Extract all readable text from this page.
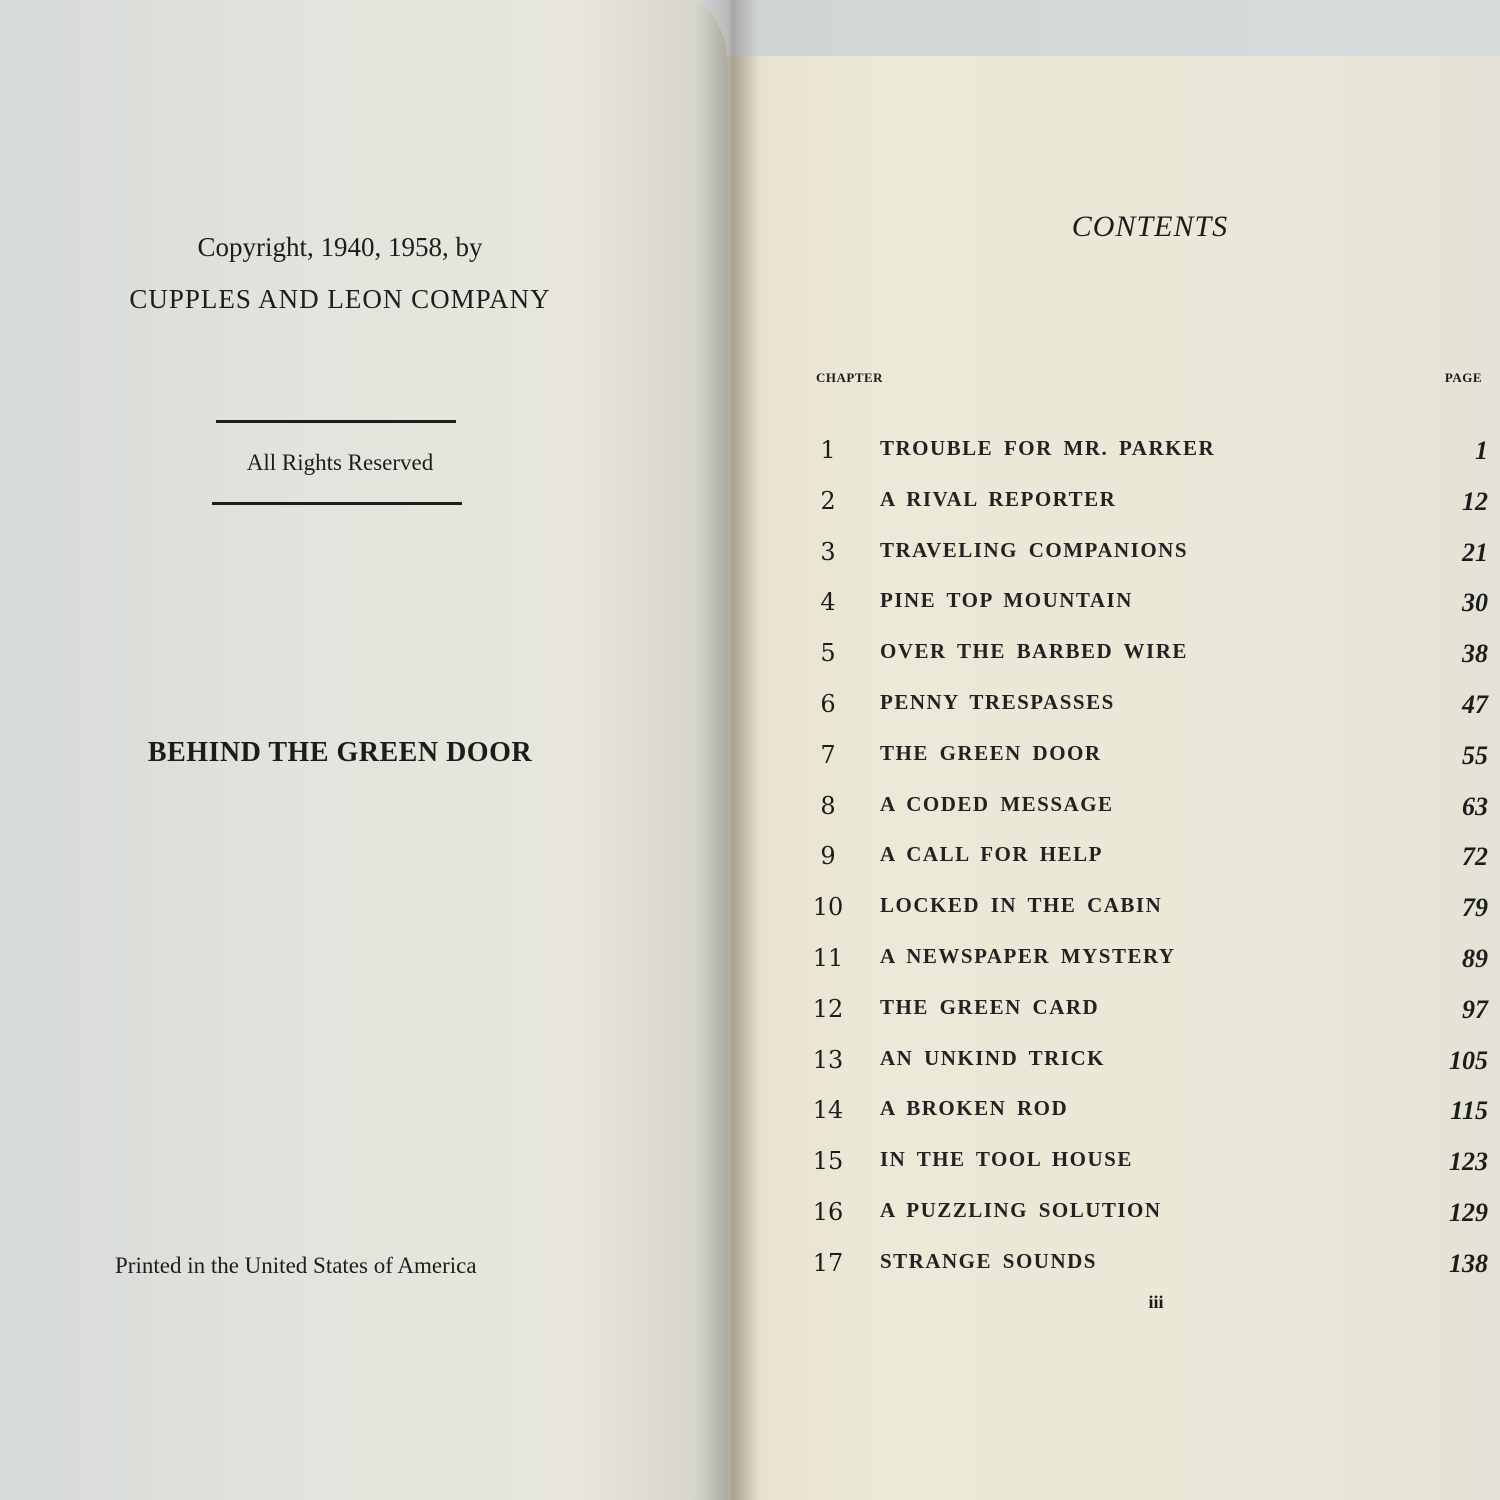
Copyright, 1940, 1958, by
CUPPLES AND LEON COMPANY
All Rights Reserved
BEHIND THE GREEN DOOR
Printed in the United States of America
CONTENTS
CHAPTER	PAGE
1	TROUBLE FOR MR. PARKER	1
2	A RIVAL REPORTER	12
3	TRAVELING COMPANIONS	21
4	PINE TOP MOUNTAIN	30
5	OVER THE BARBED WIRE	38
6	PENNY TRESPASSES	47
7	THE GREEN DOOR	55
8	A CODED MESSAGE	63
9	A CALL FOR HELP	72
10 LOCKED IN THE CABIN	79
11 A NEWSPAPER MYSTERY	89
12 THE GREEN CARD	97
13 AN UNKIND TRICK	105
14 A BROKEN ROD	115
15 IN THE TOOL HOUSE	123
16 A PUZZLING SOLUTION	129
17 STRANGE SOUNDS	138
iii
